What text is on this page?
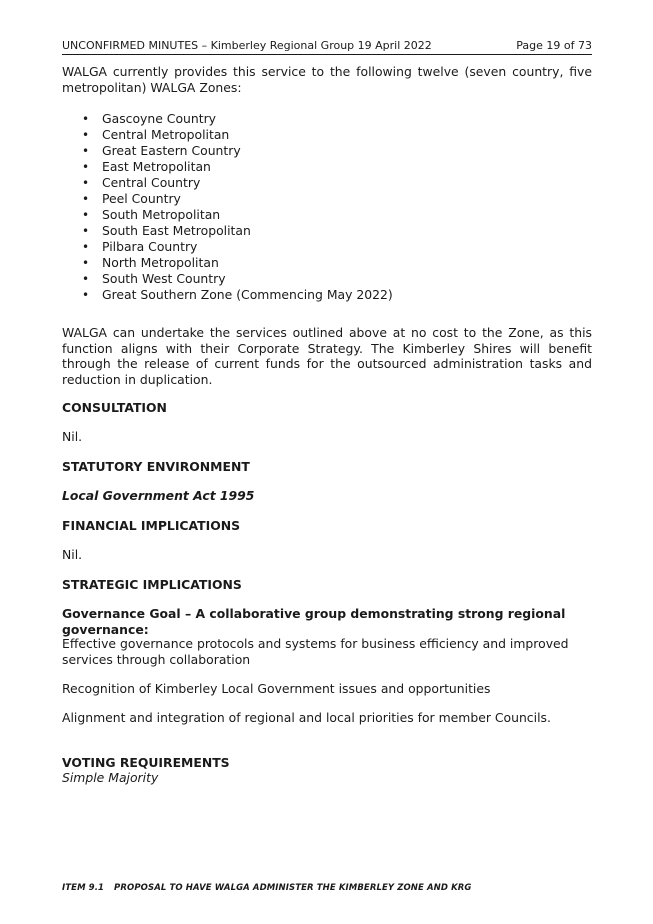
UNCONFIRMED MINUTES – Kimberley Regional Group 19 April 2022	Page 19 of 73

WALGA currently provides this service to the following twelve (seven country, five metropolitan) WALGA Zones:

• Gascoyne Country
• Central Metropolitan
• Great Eastern Country
• East Metropolitan
• Central Country
• Peel Country
• South Metropolitan
• South East Metropolitan
• Pilbara Country
• North Metropolitan
• South West Country
• Great Southern Zone (Commencing May 2022)

WALGA can undertake the services outlined above at no cost to the Zone, as this function aligns with their Corporate Strategy. The Kimberley Shires will benefit through the release of current funds for the outsourced administration tasks and reduction in duplication.

CONSULTATION

Nil.

STATUTORY ENVIRONMENT

Local Government Act 1995

FINANCIAL IMPLICATIONS

Nil.

STRATEGIC IMPLICATIONS

Governance Goal – A collaborative group demonstrating strong regional governance:

Effective governance protocols and systems for business efficiency and improved services through collaboration

Recognition of Kimberley Local Government issues and opportunities

Alignment and integration of regional and local priorities for member Councils.

VOTING REQUIREMENTS

Simple Majority

ITEM 9.1 PROPOSAL TO HAVE WALGA ADMINISTER THE KIMBERLEY ZONE AND KRG
